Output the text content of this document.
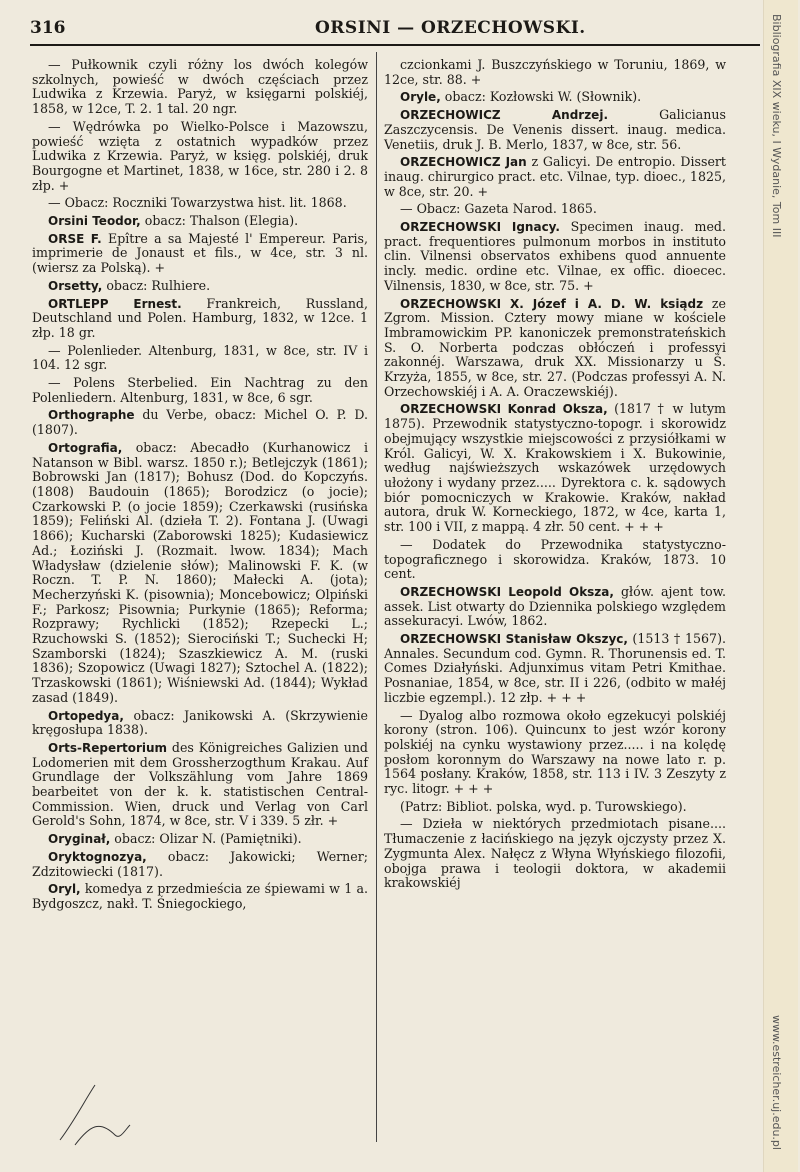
316	ORSINI — ORZECHOWSKI.

— Pułkownik czyli różny los dwóch kolegów szkolnych, powieść w dwóch częściach przez Ludwika z Krzewia. Paryż, w księgarni polskiéj, 1858, w 12ce, T. 2. 1 tal. 20 ngr.

— Wędrówka po Wielko-Polsce i Mazowszu, powieść wzięta z ostatnich wypadków przez Ludwika z Krzewia. Paryż, w księg. polskiéj, druk Bourgogne et Martinet, 1838, w 16ce, str. 280 i 2. 8 złp. +

— Obacz: Roczniki Towarzystwa hist. lit. 1868.

Orsini Teodor, obacz: Thalson (Elegia).

ORSE F. Epître a sa Majesté l' Empereur. Paris, imprimerie de Jonaust et fils., w 4ce, str. 3 nl. (wiersz za Polską). +

Orsetty, obacz: Rulhiere.

ORTLEPP Ernest. Frankreich, Russland, Deutschland und Polen. Hamburg, 1832, w 12ce. 1 złp. 18 gr.

— Polenlieder. Altenburg, 1831, w 8ce, str. IV i 104. 12 sgr.

— Polens Sterbelied. Ein Nachtrag zu den Polenliedern. Altenburg, 1831, w 8ce, 6 sgr.

Orthographe du Verbe, obacz: Michel O. P. D. (1807).

Ortografia, obacz: Abecadło (Kurhanowicz i Natanson w Bibl. warsz. 1850 r.); Betlejczyk (1861); Bobrowski Jan (1817); Bohusz (Dod. do Kopczyńs. (1808) Baudouin (1865); Borodzicz (o jocie); Czarkowski P. (o jocie 1859); Czerkawski (rusińska 1859); Feliński Al. (dzieła T. 2). Fontana J. (Uwagi 1866); Kucharski (Zaborowski 1825); Kudasiewicz Ad.; Łoziński J. (Rozmait. lwow. 1834); Mach Władysław (dzielenie słów); Malinowski F. K. (w Roczn. T. P. N. 1860); Małecki A. (jota); Mecherzyński K. (pisownia); Moncebowicz; Olpiński F.; Parkosz; Pisownia; Purkynie (1865); Reforma; Rozprawy; Rychlicki (1852); Rzepecki L.; Rzuchowski S. (1852); Sierociński T.; Suchecki H; Szamborski (1824); Szaszkiewicz A. M. (ruski 1836); Szopowicz (Uwagi 1827); Sztochel A. (1822); Trzaskowski (1861); Wiśniewski Ad. (1844); Wykład zasad (1849).

Ortopedya, obacz: Janikowski A. (Skrzywienie kręgosłupa 1838).

Orts-Repertorium des Königreiches Galizien und Lodomerien mit dem Grossherzogthum Krakau. Auf Grundlage der Volkszählung vom Jahre 1869 bearbeitet von der k. k. statistischen Central-Commission. Wien, druck und Verlag von Carl Gerold's Sohn, 1874, w 8ce, str. V i 339. 5 złr. +

Oryginał, obacz: Olizar N. (Pamiętniki).

Oryktognozya, obacz: Jakowicki; Werner; Zdzitowiecki (1817).

Oryl, komedya z przedmieścia ze śpiewami w 1 a. Bydgoszcz, nakł. T. Śniegockiego,

czcionkami J. Buszczyńskiego w Toruniu, 1869, w 12ce, str. 88. +

Oryle, obacz: Kozłowski W. (Słownik).

ORZECHOWICZ Andrzej. Galicianus Zaszczycensis. De Venenis dissert. inaug. medica. Venetiis, druk J. B. Merlo, 1837, w 8ce, str. 56.

ORZECHOWICZ Jan z Galicyi. De entropio. Dissert inaug. chirurgico pract. etc. Vilnae, typ. dioec., 1825, w 8ce, str. 20. +

— Obacz: Gazeta Narod. 1865.

ORZECHOWSKI Ignacy. Specimen inaug. med. pract. frequentiores pulmonum morbos in instituto clin. Vilnensi observatos exhibens quod annuente incly. medic. ordine etc. Vilnae, ex offic. dioeceс. Vilnensis, 1830, w 8ce, str. 75. +

ORZECHOWSKI X. Józef i A. D. W. ksiądz ze Zgrom. Mission. Cztery mowy miane w kościele Imbramowickim PP. kanoniczek premonstrateńskich S. O. Norberta podczas obłóczeń i professyi zakonnéj. Warszawa, druk XX. Missionarzy u Ś. Krzyża, 1855, w 8ce, str. 27. (Podczas professyi A. N. Orzechowskiéj i A. A. Oraczewskiéj).

ORZECHOWSKI Konrad Oksza, (1817 † w lutym 1875). Przewodnik statystyczno-topogr. i skorowidz obejmujący wszystkie miejscowości z przysiółkami w Król. Galicyi, W. X. Krakowskiem i X. Bukowinie, według najświeższych wskazówek urzędowych ułożony i wydany przez..... Dyrektora c. k. sądowych biór pomocniczych w Krakowie. Kraków, nakład autora, druk W. Korneckiego, 1872, w 4ce, karta 1, str. 100 i VII, z mappą. 4 złr. 50 cent. + + +

— Dodatek do Przewodnika statystyczno-topograficznego i skorowidza. Kraków, 1873. 10 cent.

ORZECHOWSKI Leopold Oksza, głów. ajent tow. assek. List otwarty do Dziennika polskiego względem assekuracyi. Lwów, 1862.

ORZECHOWSKI Stanisław Okszyc, (1513 † 1567). Annales. Secundum cod. Gymn. R. Thorunensis ed. T. Comes Działyński. Adjunximus vitam Petri Kmithae. Posnaniae, 1854, w 8ce, str. II i 226, (odbito w małéj liczbie egzempl.). 12 złp. + + +

— Dyalog albo rozmowa około egzekucyi polskiéj korony (stron. 106). Quincunx to jest wzór korony polskiéj na cynku wystawiony przez..... i na kolędę posłom koronnym do Warszawy na nowe lato r. p. 1564 posłany. Kraków, 1858, str. 113 i IV. 3 Zeszyty z ryc. litogr. + + +

(Patrz: Bibliot. polska, wyd. p. Turowskiego).

— Dzieła w niektórych przedmiotach pisane.... Tłumaczenie z łacińskiego na język ojczysty przez X. Zygmunta Alex. Nałęcz z Włyna Włyńskiego filozofii, obojga prawa i teologii doktora, w akademii krakowskiéj

Bibliografia XIX wieku, I Wydanie, Tom III
www.estreicher.uj.edu.pl
